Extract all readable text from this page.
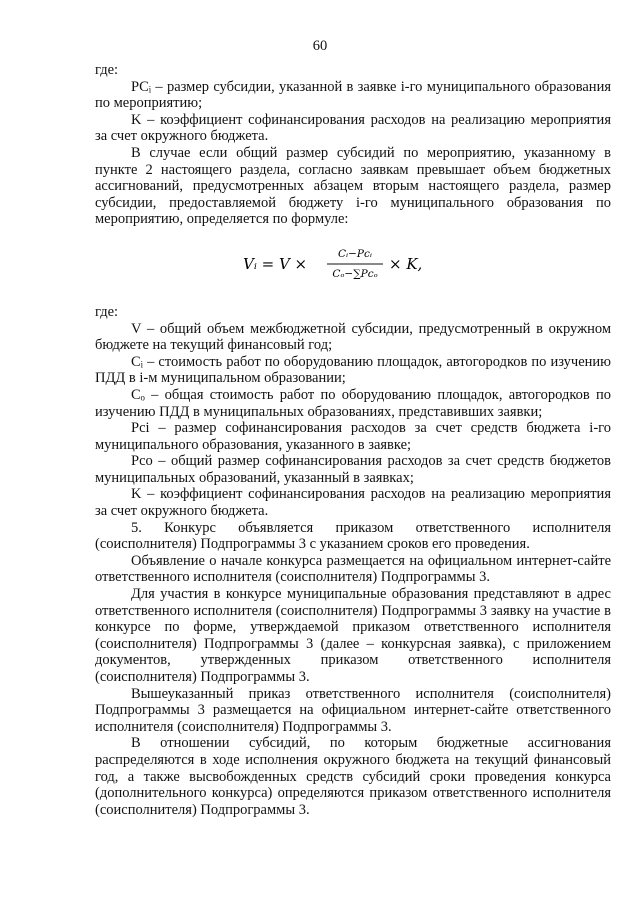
60

где:

PCᵢ – размер субсидии, указанной в заявке i-го муниципального образования по мероприятию;

K – коэффициент софинансирования расходов на реализацию мероприятия за счет окружного бюджета.

В случае если общий размер субсидий по мероприятию, указанному в пункте 2 настоящего раздела, согласно заявкам превышает объем бюджетных ассигнований, предусмотренных абзацем вторым настоящего раздела, размер субсидии, предоставляемой бюджету i-го муниципального образования по мероприятию, определяется по формуле:

Vᵢ = V ×
Cᵢ−Pcᵢ
Cₒ−∑Pcₒ
× K,

где:

V – общий объем межбюджетной субсидии, предусмотренный в окружном бюджете на текущий финансовый год;

Cᵢ – стоимость работ по оборудованию площадок, автогородков по изучению ПДД в i-м муниципальном образовании;

Cₒ – общая стоимость работ по оборудованию площадок, автогородков по изучению ПДД в муниципальных образованиях, представивших заявки;

Pci – размер софинансирования расходов за счет средств бюджета i-го муниципального образования, указанного в заявке;

Pco – общий размер софинансирования расходов за счет средств бюджетов муниципальных образований, указанный в заявках;

K – коэффициент софинансирования расходов на реализацию мероприятия за счет окружного бюджета.

5. Конкурс объявляется приказом ответственного исполнителя (соисполнителя) Подпрограммы 3 с указанием сроков его проведения.

Объявление о начале конкурса размещается на официальном интернет-сайте ответственного исполнителя (соисполнителя) Подпрограммы 3.

Для участия в конкурсе муниципальные образования представляют в адрес ответственного исполнителя (соисполнителя) Подпрограммы 3 заявку на участие в конкурсе по форме, утверждаемой приказом ответственного исполнителя (соисполнителя) Подпрограммы 3 (далее – конкурсная заявка), с приложением документов, утвержденных приказом ответственного исполнителя (соисполнителя) Подпрограммы 3.

Вышеуказанный приказ ответственного исполнителя (соисполнителя) Подпрограммы 3 размещается на официальном интернет-сайте ответственного исполнителя (соисполнителя) Подпрограммы 3.

В отношении субсидий, по которым бюджетные ассигнования распределяются в ходе исполнения окружного бюджета на текущий финансовый год, а также высвобожденных средств субсидий сроки проведения конкурса (дополнительного конкурса) определяются приказом ответственного исполнителя (соисполнителя) Подпрограммы 3.
